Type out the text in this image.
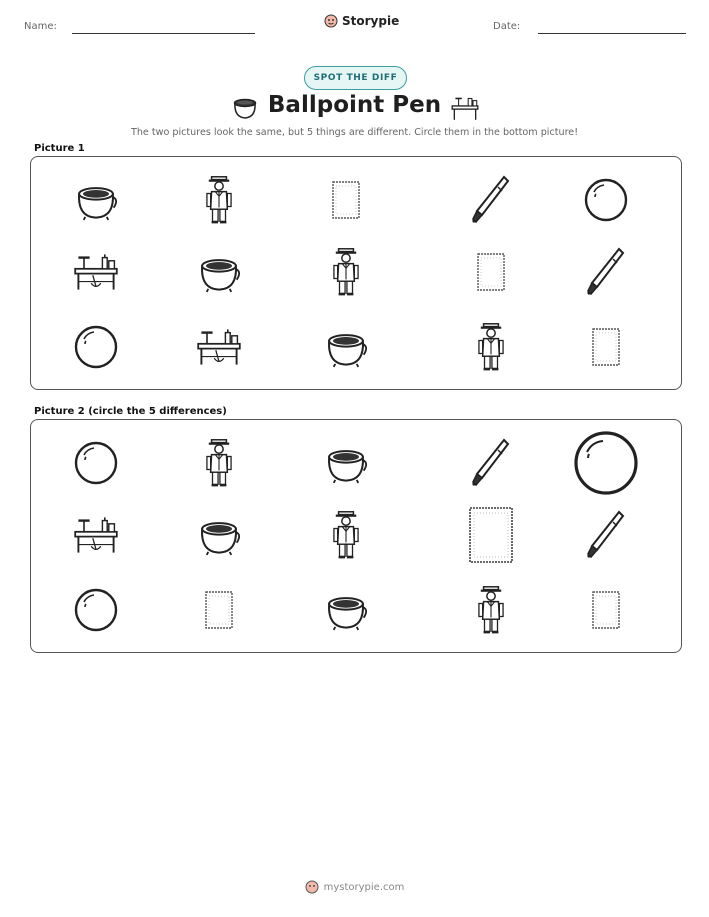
Name:	Storypie	Date:
SPOT THE DIFF
Ballpoint Pen
The two pictures look the same, but 5 things are different. Circle them in the bottom picture!
Picture 1
Picture 2 (circle the 5 differences)
mystorypie.com
